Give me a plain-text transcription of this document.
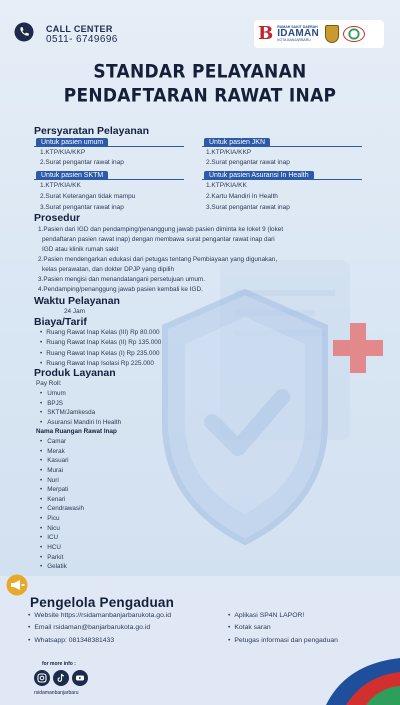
CALL CENTER
0511- 6749696	B RUMAH SAKIT DAERAH
IDAMAN
KOTA BANJARBARU
STANDAR PELAYANAN
PENDAFTARAN RAWAT INAP
Persyaratan Pelayanan
Untuk pasien umum
1.KTP/KIA/KKP
2.Surat pengantar rawat inap
Untuk pasien JKN
1.KTP/KIA/KKP
2.Surat pengantar rawat inap
Untuk pasien SKTM
1.KTP/KIA/KK
2.Surat Keterangan tidak mampu
3.Surat pengantar rawat inap
Untuk pasien Asuransi In Health
1.KTP/KIA/KK
2.Kartu Mandiri In Health
3.Surat pengantar rawat inap
Prosedur
1.Pasien dari IGD dan pendamping/penanggung jawab pasien diminta ke loket 9 (loket
pendaftaran pasien rawat inap) dengan membawa surat pengantar rawat inap dari
IGD atau klinik rumah sakit
2.Pasien mendengarkan edukasi dari petugas tentang Pembiayaan yang digunakan,
kelas perawatan, dan dokter DPJP yang dipilih
3.Pasien mengisi dan menandatangani persetujuan umum.
4.Pendamping/penanggung jawab pasien kembali ke IGD.
Waktu Pelayanan
24 Jam
Biaya/Tarif
• Ruang Rawat Inap Kelas (III) Rp 80.000
• Ruang Rawat Inap Kelas (II) Rp 135.000
• Ruang Rawat Inap Kelas (I) Rp 235.000
• Ruang Rawat Inap Isolasi Rp 225.000
Produk Layanan
Pay Roll:
• Umum
• BPJS
• SKTM/Jamkesda
• Asuransi Mandiri In Health
Nama Ruangan Rawat Inap
• Camar
• Merak
• Kasuari
• Murai
• Nuri
• Merpati
• Kenari
• Cendrawasih
• Picu
• Nicu
• ICU
• HCU
• Parkit
• Gelatik
Pengelola Pengaduan
• Website https://rsidamanbanjarbarukota.go.id
• Email rsidaman@banjarbarukota.go.id
• Whatsapp: 081348381433
• Aplikasi SP4N LAPOR!
• Kotak saran
• Petugas informasi dan pengaduan
for more info :
rsidamanbanjarbaru
